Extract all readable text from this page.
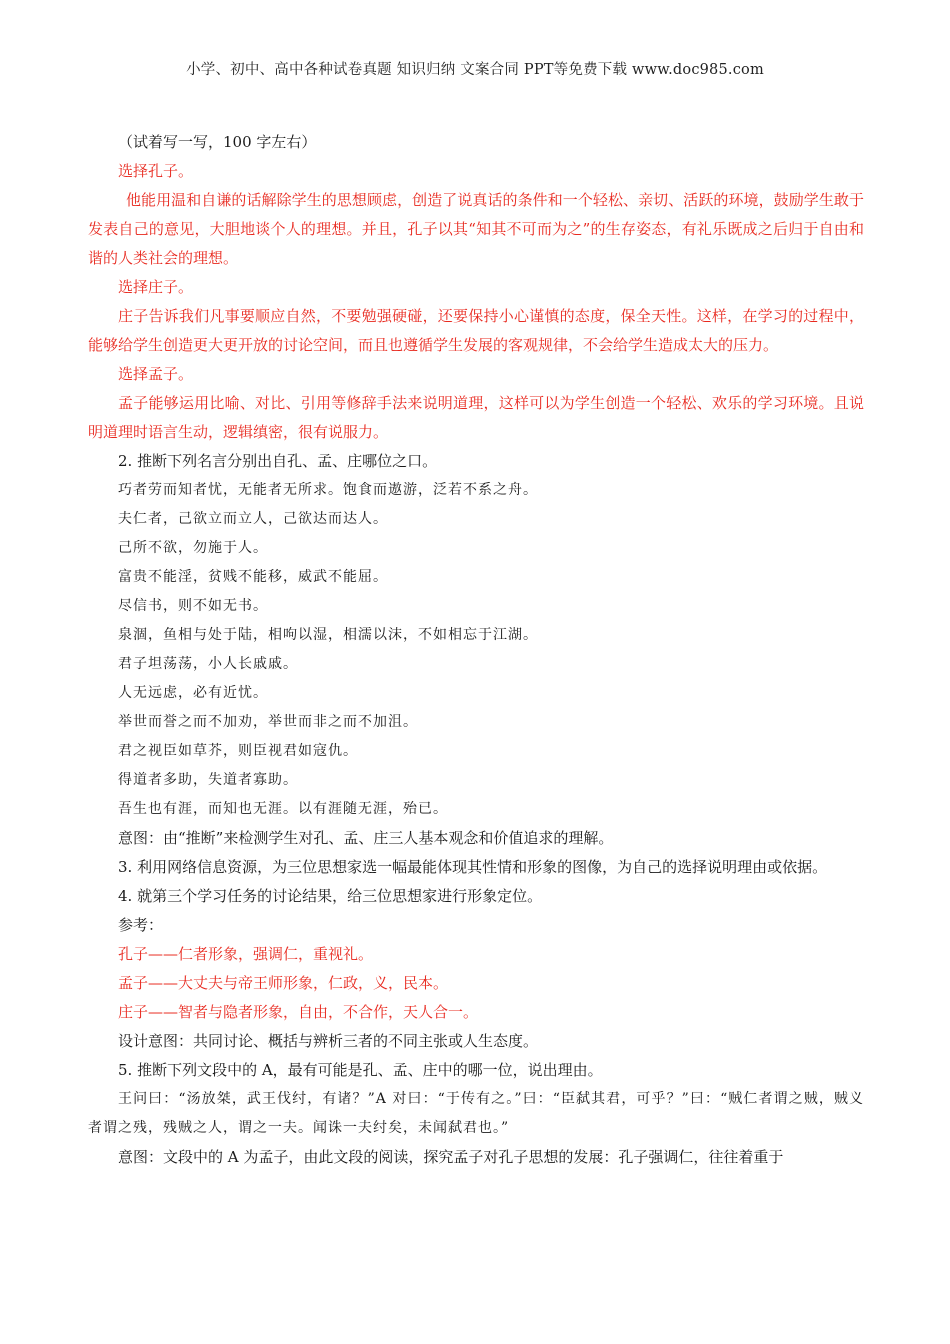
小学、初中、高中各种试卷真题 知识归纳 文案合同 PPT等免费下载 www.doc985.com

（试着写一写，100 字左右）

选择孔子。

他能用温和自谦的话解除学生的思想顾虑，创造了说真话的条件和一个轻松、亲切、活跃的环境，鼓励学生敢于发表自己的意见，大胆地谈个人的理想。并且，孔子以其“知其不可而为之”的生存姿态，有礼乐既成之后归于自由和谐的人类社会的理想。

选择庄子。

庄子告诉我们凡事要顺应自然，不要勉强硬碰，还要保持小心谨慎的态度，保全天性。这样，在学习的过程中，能够给学生创造更大更开放的讨论空间，而且也遵循学生发展的客观规律，不会给学生造成太大的压力。

选择孟子。

孟子能够运用比喻、对比、引用等修辞手法来说明道理，这样可以为学生创造一个轻松、欢乐的学习环境。且说明道理时语言生动，逻辑缜密，很有说服力。

2. 推断下列名言分别出自孔、孟、庄哪位之口。

巧者劳而知者忧，无能者无所求。饱食而遨游，泛若不系之舟。

夫仁者，己欲立而立人，己欲达而达人。

己所不欲，勿施于人。

富贵不能淫，贫贱不能移，威武不能屈。

尽信书，则不如无书。

泉涸，鱼相与处于陆，相呴以湿，相濡以沫，不如相忘于江湖。

君子坦荡荡，小人长戚戚。

人无远虑，必有近忧。

举世而誉之而不加劝，举世而非之而不加沮。

君之视臣如草芥，则臣视君如寇仇。

得道者多助，失道者寡助。

吾生也有涯，而知也无涯。以有涯随无涯，殆已。

意图：由“推断”来检测学生对孔、孟、庄三人基本观念和价值追求的理解。

3. 利用网络信息资源，为三位思想家选一幅最能体现其性情和形象的图像，为自己的选择说明理由或依据。

4. 就第三个学习任务的讨论结果，给三位思想家进行形象定位。

参考：

孔子——仁者形象，强调仁，重视礼。

孟子——大丈夫与帝王师形象，仁政，义，民本。

庄子——智者与隐者形象，自由，不合作，天人合一。

设计意图：共同讨论、概括与辨析三者的不同主张或人生态度。

5. 推断下列文段中的 A，最有可能是孔、孟、庄中的哪一位，说出理由。

王问曰：“汤放桀，武王伐纣，有诸？”A 对曰：“于传有之。”曰：“臣弑其君，可乎？”曰：“贼仁者谓之贼，贼义者谓之残，残贼之人，谓之一夫。闻诛一夫纣矣，未闻弑君也。”

意图：文段中的 A 为孟子，由此文段的阅读，探究孟子对孔子思想的发展：孔子强调仁，往往着重于
